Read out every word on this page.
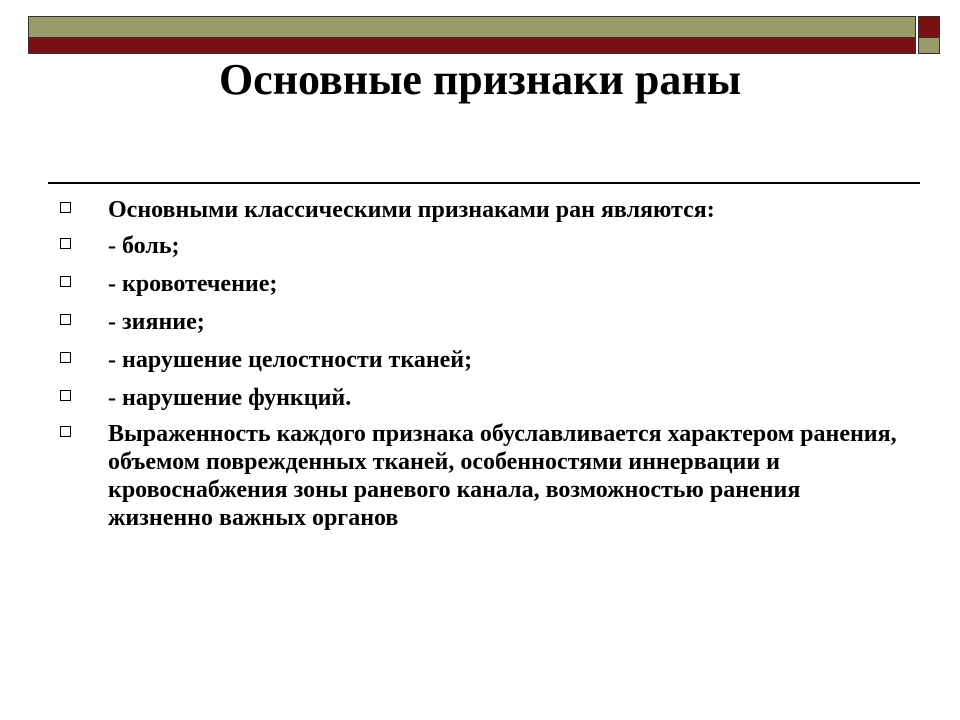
Основные признаки раны
Основными классическими признаками ран являются:
- боль;
- кровотечение;
- зияние;
- нарушение целостности тканей;
- нарушение функций.
Выраженность каждого признака обуславливается характером ранения, объемом поврежденных тканей, особенностями иннервации и кровоснабжения зоны раневого канала, возможностью ранения жизненно важных органов
